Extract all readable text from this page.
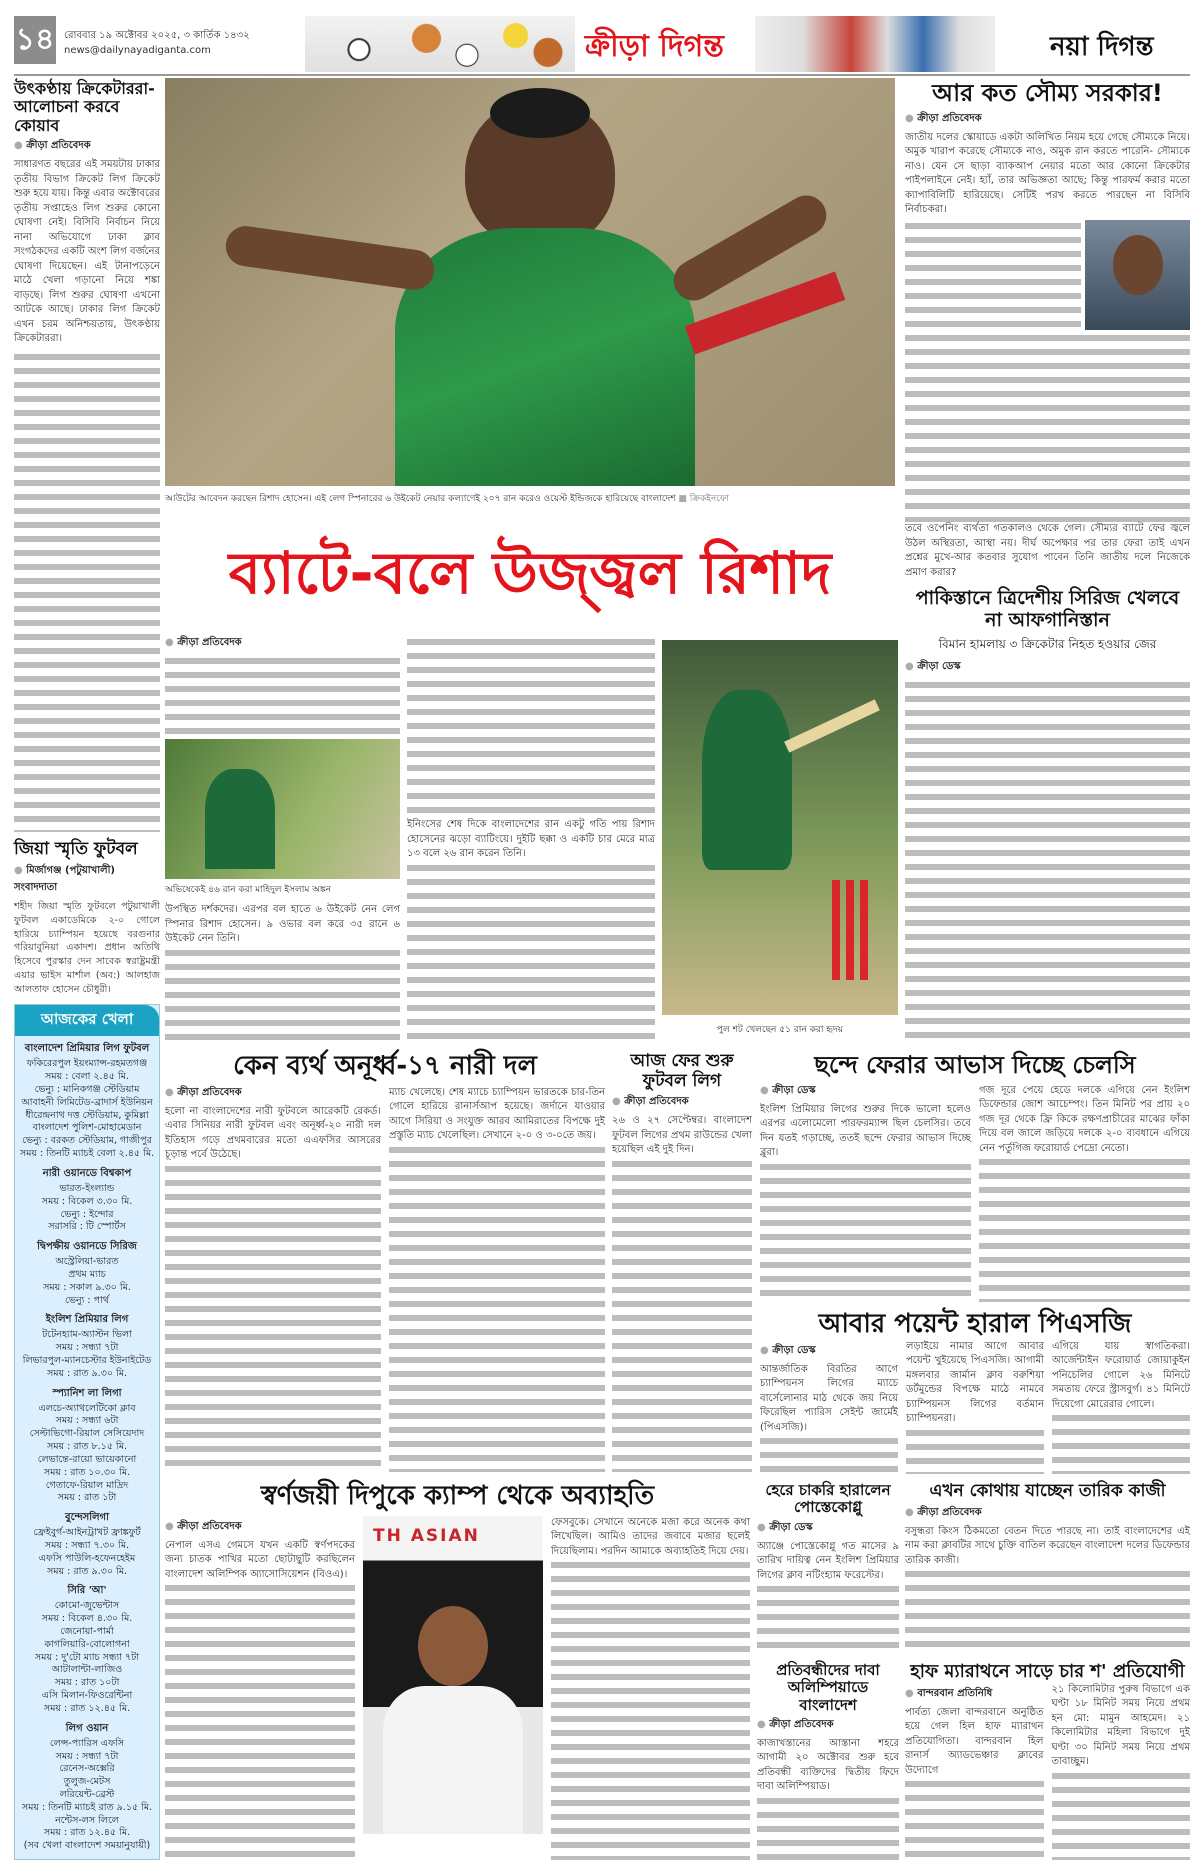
১৪ রোববার ১৯ অক্টোবর ২০২৫, ৩ কার্তিক ১৪৩২
news@dailynayadiganta.com	ক্রীড়া দিগন্ত	নয়া দিগন্ত
উৎকণ্ঠায় ক্রিকেটাররা-আলোচনা করবে কোয়াব
● ক্রীড়া প্রতিবেদক
সাধারণত বছরের এই সময়টায় ঢাকার তৃতীয় বিভাগ ক্রিকেট লিগ ক্রিকেট শুরু হয়ে যায়। কিন্তু এবার অক্টোবরের তৃতীয় সপ্তাহেও লিগ শুরুর কোনো ঘোষণা নেই। বিসিবি নির্বাচন নিয়ে নানা অভিযোগে ঢাকা ক্লাব সংগঠকদের একটি অংশ লিগ বর্জনের ঘোষণা দিয়েছেন। এই টানাপড়েনে মাঠে খেলা গড়ানো নিয়ে শঙ্কা বাড়ছে। লিগ শুরুর ঘোষণা এখনো আটকে আছে। ঢাকার লিগ ক্রিকেট এখন চরম অনিশ্চয়তায়, উৎকণ্ঠায় ক্রিকেটাররা।
জিয়া স্মৃতি ফুটবল
● মির্জাগঞ্জ (পটুয়াখালী) সংবাদদাতা
শহীদ জিয়া স্মৃতি ফুটবলে পটুয়াখালী ফুটবল একাডেমিকে ২-০ গোলে হারিয়ে চ্যাম্পিয়ন হয়েছে বরগুনার গরিয়াবুনিয়া একাদশ। প্রধান অতিথি হিসেবে পুরস্কার দেন সাবেক স্বরাষ্ট্রমন্ত্রী এয়ার ভাইস মার্শাল (অব:) আলহাজ আলতাফ হোসেন চৌধুরী।
আজকের খেলা
বাংলাদেশ প্রিমিয়ার লিগ ফুটবল

ফকিরেরপুল ইয়ংম্যান্স-রহমতগঞ্জ

সময় : বেলা ২.৪৫ মি.

ভেন্যু : মানিকগঞ্জ স্টেডিয়াম

আবাহনী লিমিটেড-ব্রাদার্স ইউনিয়ন

ধীরেন্দ্রনাথ দত্ত স্টেডিয়াম, কুমিল্লা

বাংলাদেশ পুলিশ-মোহামেডান

ভেন্যু : বরকত স্টেডিয়াম, গাজীপুর

সময় : তিনটি ম্যাচই বেলা ২.৪৫ মি.

নারী ওয়ানডে বিশ্বকাপ

ভারত-ইংল্যান্ড

সময় : বিকেল ৩.৩০ মি.

ভেন্যু : ইন্দোর

সরাসরি : টি স্পোর্টস

দ্বিপক্ষীয় ওয়ানডে সিরিজ

অস্ট্রেলিয়া-ভারত

প্রথম ম্যাচ

সময় : সকাল ৯.৩০ মি.

ভেন্যু : পার্থ

ইংলিশ প্রিমিয়ার লিগ

টটেনহ্যাম-অ্যাস্টন ভিলা

সময় : সন্ধ্যা ৭টা

লিভারপুল-ম্যানচেস্টার ইউনাইটেড

সময় : রাত ৯.৩০ মি.

স্প্যানিশ লা লিগা

এলচে-অ্যাথলেটিকো ক্লাব

সময় : সন্ধ্যা ৬টা

সেল্টাভিগো-রিয়াল সেসিয়েদাদ

সময় : রাত ৮.১৫ মি.

লেভান্তে-রায়ো ভায়েকানো

সময় : রাত ১০.৩০ মি.

গেতাফে-রিয়াল মাদ্রিদ

সময় : রাত ১টা

বুন্দেসলিগা

ফ্রেইবুর্গ-আইনট্রাখট ফ্রাঙ্কফুর্ট

সময় : সন্ধ্যা ৭.৩০ মি.

এফসি পাউলি-হফেনহেইম

সময় : রাত ৯.৩০ মি.

সিরি 'আ'

কোমো-জুভেন্টাস

সময় : বিকেল ৪.৩০ মি.

জেনোয়া-পার্মা

কাগলিয়ারি-বোলোগনা

সময় : দু'টো ম্যাচ সন্ধ্যা ৭টা

আটালান্টা-লাজিও

সময় : রাত ১০টা

এসি মিলান-ফিওরেন্টিনা

সময় : রাত ১২.৪৫ মি.

লিগ ওয়ান

লেন্স-প্যারিস এফসি

সময় : সন্ধ্যা ৭টা

রেনেস-অক্সেরি

তুলুজ-মেটস

লরিয়েন্ট-ব্রেস্ট

সময় : তিনটি ম্যাচই রাত ৯.১৫ মি.

নন্টেস-লস লিলে

সময় : রাত ১২.৪৫ মি.

(সব খেলা বাংলাদেশ সময়ানুযায়ী)

আউটের আবেদন করছেন রিশাদ হোসেন। এই লেগ স্পিনারের ৬ উইকেট নেয়ার কল্যাণেই ২০৭ রান করেও ওয়েস্ট ইন্ডিজকে হারিয়েছে বাংলাদেশ ■ ক্রিকইনফো
ব্যাটে-বলে উজ্জ্বল রিশাদ
● ক্রীড়া প্রতিবেদক
অভিষেকেই ৪৬ রান করা মাহিদুল ইসলাম অঙ্কন
উপস্থিত দর্শকদের। এরপর বল হাতে ৬ উইকেট নেন লেগ স্পিনার রিশাদ হোসেন। ৯ ওভার বল করে ৩৫ রানে ৬ উইকেট নেন তিনি।
ইনিংসের শেষ দিকে বাংলাদেশের রান একটু গতি পায় রিশাদ হোসেনের ঝড়ো ব্যাটিংয়ে। দুইটি ছক্কা ও একটি চার মেরে মাত্র ১৩ বলে ২৬ রান করেন তিনি।
পুল শট খেলছেন ৫১ রান করা হৃদয়
আর কত সৌম্য সরকার!
● ক্রীড়া প্রতিবেদক
জাতীয় দলের স্কোয়াডে একটা অলিখিত নিয়ম হয়ে গেছে সৌম্যকে নিয়ে। অমুক খারাপ করেছে সৌম্যকে নাও, অমুক রান করতে পারেনি- সৌম্যকে নাও। যেন সে ছাড়া ব্যাকআপ নেয়ার মতো আর কোনো ক্রিকেটার পাইপলাইনে নেই। হ্যাঁ, তার অভিজ্ঞতা আছে; কিন্তু পারফর্ম করার মতো ক্যাপাবিলিটি হারিয়েছে। সেটিই পরখ করতে পারছেন না বিসিবি নির্বাচকরা।
তবে ওপেনিং ব্যর্থতা গতকালও থেকে গেল। সৌম্যর ব্যাটে ফের জ্বলে উঠল অস্থিরতা, আস্থা নয়। দীর্ঘ অপেক্ষার পর তার ফেরা তাই এখন প্রশ্নের মুখে-আর কতবার সুযোগ পাবেন তিনি জাতীয় দলে নিজেকে প্রমাণ করার?
পাকিস্তানে ত্রিদেশীয় সিরিজ খেলবে না আফগানিস্তান
বিমান হামলায় ৩ ক্রিকেটার নিহত হওয়ার জের
● ক্রীড়া ডেস্ক
কেন ব্যর্থ অনূর্ধ্ব-১৭ নারী দল
● ক্রীড়া প্রতিবেদক
হলো না বাংলাদেশের নারী ফুটবলে আরেকটি রেকর্ড। এবার সিনিয়র নারী ফুটবল এবং অনূর্ধ্ব-২০ নারী দল ইতিহাস গড়ে প্রথমবারের মতো এএফসির আসরের চূড়ান্ত পর্বে উঠেছে।
ম্যাচ খেলেছে। শেষ ম্যাচে চ্যাম্পিয়ন ভারতকে চার-তিন গোলে হারিয়ে রানার্সআপ হয়েছে। জর্দানে যাওয়ার আগে সিরিয়া ও সংযুক্ত আরব আমিরাতের বিপক্ষে দুই প্রস্তুতি ম্যাচ খেলেছিল। সেখানে ২-০ ও ৩-০তে জয়।
আজ ফের শুরু ফুটবল লিগ
● ক্রীড়া প্রতিবেদক
২৬ ও ২৭ সেপ্টেম্বর। বাংলাদেশ ফুটবল লিগের প্রথম রাউন্ডের খেলা হয়েছিল এই দুই দিন।
ছন্দে ফেরার আভাস দিচ্ছে চেলসি
● ক্রীড়া ডেস্ক
ইংলিশ প্রিমিয়ার লিগের শুরুর দিকে ভালো হলেও এরপর এলোমেলো পারফরম্যান্স ছিল চেলসির। তবে দিন যতই গড়াচ্ছে, ততই ছন্দে ফেরার আভাস দিচ্ছে ব্লুরা।
গজ দূরে পেয়ে হেডে দলকে এগিয়ে নেন ইংলিশ ডিফেন্ডার জোশ আচেম্পং। তিন মিনিট পর প্রায় ২০ গজ দূর থেকে ফ্রি কিকে রক্ষণপ্রাচীরের মাঝের ফাঁকা দিয়ে বল জালে জড়িয়ে দলকে ২-০ ব্যবধানে এগিয়ে নেন পর্তুগিজ ফরোয়ার্ড পেদ্রো নেতো।
আবার পয়েন্ট হারাল পিএসজি
● ক্রীড়া ডেস্ক
আন্তর্জাতিক বিরতির আগে চ্যাম্পিয়নস লিগের ম্যাচে বার্সেলোনার মাঠ থেকে জয় নিয়ে ফিরেছিল প্যারিস সেইন্ট জার্মেই (পিএসজি)।
লড়াইয়ে নামার আগে আবার পয়েন্ট খুইয়েছে পিএসজি। আগামী মঙ্গলবার জার্মান ক্লাব বরুশিয়া ডর্টমুন্ডের বিপক্ষে মাঠে নামবে চ্যাম্পিয়নস লিগের বর্তমান চ্যাম্পিয়নরা।
এগিয়ে যায় স্বাগতিকরা। আর্জেন্টাইন ফরোয়ার্ড জোয়াকুইন পনিচেলির গোলে ২৬ মিনিটে সমতায় ফেরে স্ট্রাসবুর্গ। ৪১ মিনিটে দিয়েগো মোরেরার গোলে।
স্বর্ণজয়ী দিপুকে ক্যাম্প থেকে অব্যাহতি
● ক্রীড়া প্রতিবেদক
নেপাল এসএ গেমসে যখন একটি স্বর্ণপদকের জন্য চাতক পাখির মতো ছোটাছুটি করছিলেন বাংলাদেশ অলিম্পিক অ্যাসোসিয়েশন (বিওএ)।
TH ASIAN
ফেসবুকে। সেখানে অনেকে মজা করে অনেক কথা লিখেছিল। আমিও তাদের জবাবে মজার ছলেই দিয়েছিলাম। পরদিন আমাকে অব্যাহতিই দিয়ে দেয়।
হেরে চাকরি হারালেন পোস্তেকোগ্লু
● ক্রীড়া ডেস্ক
অ্যাঞ্জে পোস্তেকোগ্লু গত মাসের ৯ তারিখ দায়িত্ব নেন ইংলিশ প্রিমিয়ার লিগের ক্লাব নটিংহ্যাম ফরেস্টের।
এখন কোথায় যাচ্ছেন তারিক কাজী
● ক্রীড়া প্রতিবেদক
বসুন্ধরা কিংস ঠিকমতো বেতন দিতে পারছে না। তাই বাংলাদেশের এই নাম করা ক্লাবটির সাথে চুক্তি বাতিল করেছেন বাংলাদেশ দলের ডিফেন্ডার তারিক কাজী।
প্রতিবন্ধীদের দাবা অলিম্পিয়াডে বাংলাদেশ
● ক্রীড়া প্রতিবেদক
কাজাখস্তানের আস্তানা শহরে আগামী ২০ অক্টোবর শুরু হবে প্রতিবন্ধী ব্যক্তিদের দ্বিতীয় ফিদে দাবা অলিম্পিয়াড।
হাফ ম্যারাথনে সাড়ে চার শ' প্রতিযোগী
● বান্দরবান প্রতিনিধি
পার্বত্য জেলা বান্দরবানে অনুষ্ঠিত হয়ে গেল হিল হাফ ম্যারাথন প্রতিযোগিতা। বান্দরবান হিল রানার্স অ্যাডভেঞ্চার ক্লাবের উদ্যোগে
২১ কিলোমিটার পুরুষ বিভাগে এক ঘণ্টা ১৮ মিনিট সময় নিয়ে প্রথম হন মো: মামুন আহমেদ। ২১ কিলোমিটার মহিলা বিভাগে দুই ঘণ্টা ৩০ মিনিট সময় নিয়ে প্রথম তাবাচ্ছুম।
